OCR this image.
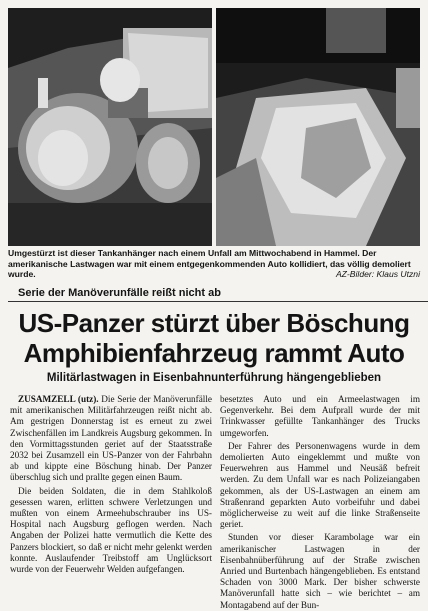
Umgestürzt ist dieser Tankanhänger nach einem Unfall am Mittwochabend in Hammel. Der amerikanische Lastwagen war mit einem entgegenkommenden Auto kollidiert, das völlig demoliert wurde.	AZ-Bilder: Klaus Utzni
Serie der Manöverunfälle reißt nicht ab
US-Panzer stürzt über Böschung
Amphibienfahrzeug rammt Auto
Militärlastwagen in Eisenbahnunterführung hängengeblieben

ZUSAMZELL (utz). Die Serie der Manöverunfälle mit amerikanischen Militärfahrzeugen reißt nicht ab. Am gestrigen Donnerstag ist es erneut zu zwei Zwischenfällen im Landkreis Augsburg gekommen. In den Vormittagsstunden geriet auf der Staatsstraße 2032 bei Zusamzell ein US-Panzer von der Fahrbahn ab und kippte eine Böschung hinab. Der Panzer überschlug sich und prallte gegen einen Baum.

Die beiden Soldaten, die in dem Stahlkoloß gesessen waren, erlitten schwere Verletzungen und mußten von einem Armeehubschrauber ins US-Hospital nach Augsburg geflogen werden. Nach Angaben der Polizei hatte vermutlich die Kette des Panzers blockiert, so daß er nicht mehr gelenkt werden konnte. Auslaufender Treibstoff am Unglücksort wurde von der Feuerwehr Welden aufgefangen.

besetztes Auto und ein Armeelastwagen im Gegenverkehr. Bei dem Aufprall wurde der mit Trinkwasser gefüllte Tankanhänger des Trucks umgeworfen.

Der Fahrer des Personenwagens wurde in dem demolierten Auto eingeklemmt und mußte von Feuerwehren aus Hammel und Neusäß befreit werden. Zu dem Unfall war es nach Polizeiangaben gekommen, als der US-Lastwagen an einem am Straßenrand geparkten Auto vorbeifuhr und dabei möglicherweise zu weit auf die linke Straßenseite geriet.

Stunden vor dieser Karambolage war ein amerikanischer Lastwagen in der Eisenbahnüberführung auf der Straße zwischen Anried und Burtenbach hängengeblieben. Es entstand Schaden von 3000 Mark. Der bisher schwerste Manöverunfall hatte sich – wie berichtet – am Montagabend auf der Bun-
